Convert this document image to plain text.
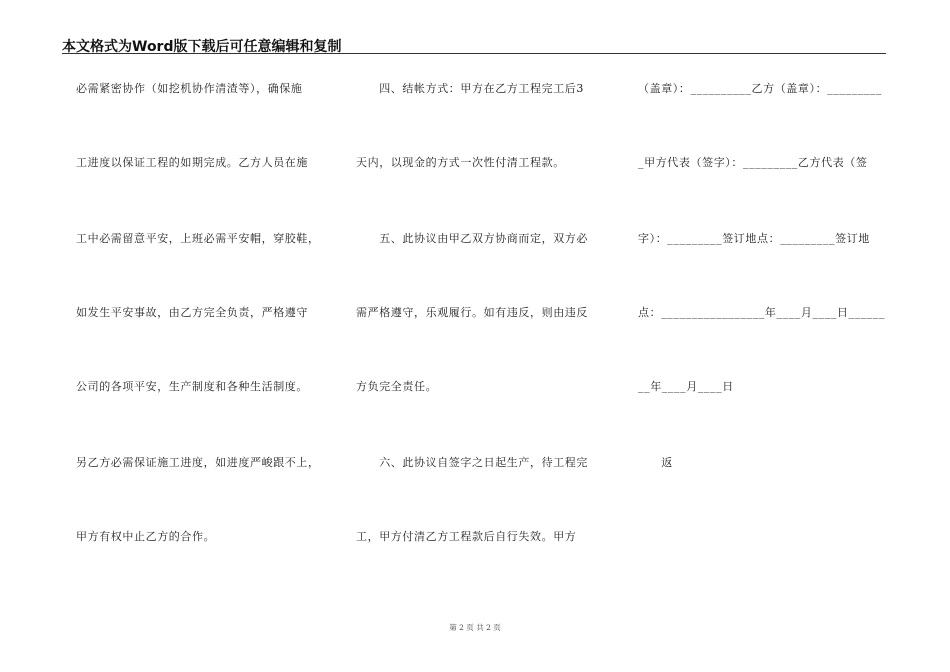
本文格式为Word版下载后可任意编辑和复制
必需紧密协作（如挖机协作清渣等），确保施
工进度以保证工程的如期完成。乙方人员在施
工中必需留意平安，上班必需平安帽，穿胶鞋，
如发生平安事故，由乙方完全负责，严格遵守
公司的各项平安，生产制度和各种生活制度。
另乙方必需保证施工进度，如进度严峻跟不上，
甲方有权中止乙方的合作。
　　四、结帐方式：甲方在乙方工程完工后3
天内，以现金的方式一次性付清工程款。
　　五、此协议由甲乙双方协商而定，双方必
需严格遵守，乐观履行。如有违反，则由违反
方负完全责任。
　　六、此协议自签字之日起生产，待工程完
工，甲方付清乙方工程款后自行失效。甲方
（盖章）：__________乙方（盖章）：_________
_甲方代表（签字）：_________乙方代表（签
字）：_________签订地点：_________签订地
点：_________________年____月____日______
__年____月____日
　　返
第 2 页 共 2 页
